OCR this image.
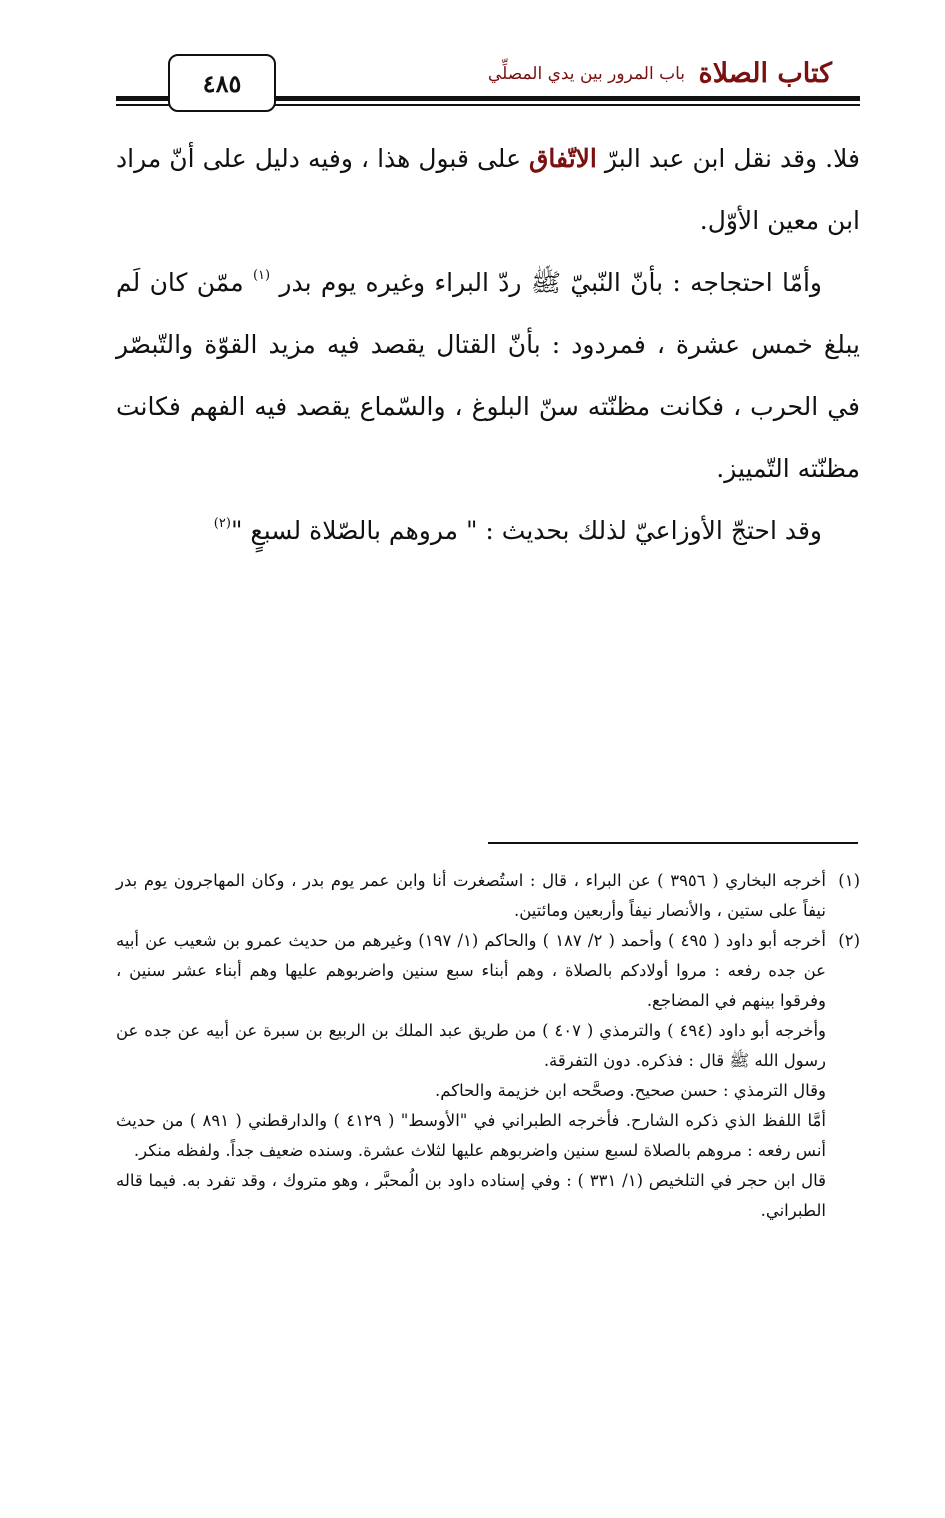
كتاب الصلاة
باب المرور بين يدي المصلِّي
٤٨٥

فلا. وقد نقل ابن عبد البرّ الاتّفاق على قبول هذا ، وفيه دليل على أنّ مراد ابن معين الأوّل.

وأمّا احتجاجه : بأنّ النّبيّ ﷺ ردّ البراء وغيره يوم بدر $^{(١)}$ ممّن كان لَم يبلغ خمس عشرة ، فمردود : بأنّ القتال يقصد فيه مزيد القوّة والتّبصّر في الحرب ، فكانت مظنّته سنّ البلوغ ، والسّماع يقصد فيه الفهم فكانت مظنّته التّمييز.

وقد احتجّ الأوزاعيّ لذلك بحديث : " مروهم بالصّلاة لسبعٍ "$^{(٢)}$

(١)
أخرجه البخاري ( ٣٩٥٦ ) عن البراء ، قال : استُصغرت أنا وابن عمر يوم بدر ، وكان المهاجرون يوم بدر نيفاً على ستين ، والأنصار نيفاً وأربعين ومائتين.

(٢)
أخرجه أبو داود ( ٤٩٥ ) وأحمد ( ٢/ ١٨٧ ) والحاكم (١/ ١٩٧) وغيرهم من حديث عمرو بن شعيب عن أبيه عن جده رفعه : مروا أولادكم بالصلاة ، وهم أبناء سبع سنين واضربوهم عليها وهم أبناء عشر سنين ، وفرقوا بينهم في المضاجع.

وأخرجه أبو داود (٤٩٤ ) والترمذي ( ٤٠٧ ) من طريق عبد الملك بن الربيع بن سبرة عن أبيه عن جده عن رسول الله ﷺ قال : فذكره. دون التفرقة.

وقال الترمذي : حسن صحيح. وصحَّحه ابن خزيمة والحاكم.

أمَّا اللفظ الذي ذكره الشارح. فأخرجه الطبراني في "الأوسط" ( ٤١٢٩ ) والدارقطني ( ٨٩١ ) من حديث أنس رفعه : مروهم بالصلاة لسبع سنين واضربوهم عليها لثلاث عشرة. وسنده ضعيف جداً. ولفظه منكر.

قال ابن حجر في التلخيص (١/ ٣٣١ ) : وفي إسناده داود بن الُمحبَّر ، وهو متروك ، وقد تفرد به. فيما قاله الطبراني.
